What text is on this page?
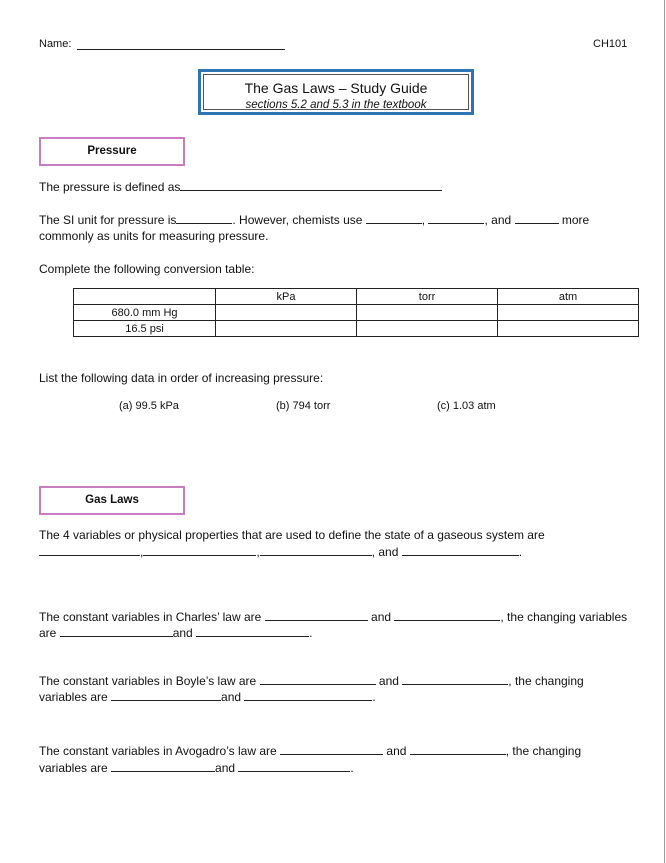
Name:	CH101
The Gas Laws – Study Guide
sections 5.2 and 5.3 in the textbook
Pressure
The pressure is defined as
The SI unit for pressure is	. However, chemists use	,	, and	more
commonly as units for measuring pressure.
Complete the following conversion table:
	kPa	torr	atm
680.0 mm Hg			
16.5 psi			
List the following data in order of increasing pressure:
(a) 99.5 kPa	(b) 794 torr	(c) 1.03 atm
Gas Laws
The 4 variables or physical properties that are used to define the state of a gaseous system are
,	,	, and	.
The constant variables in Charles’ law are	and	, the changing variables
are	and	.
The constant variables in Boyle’s law are	and	, the changing
variables are	and	.
The constant variables in Avogadro’s law are	and	, the changing
variables are	and	.
